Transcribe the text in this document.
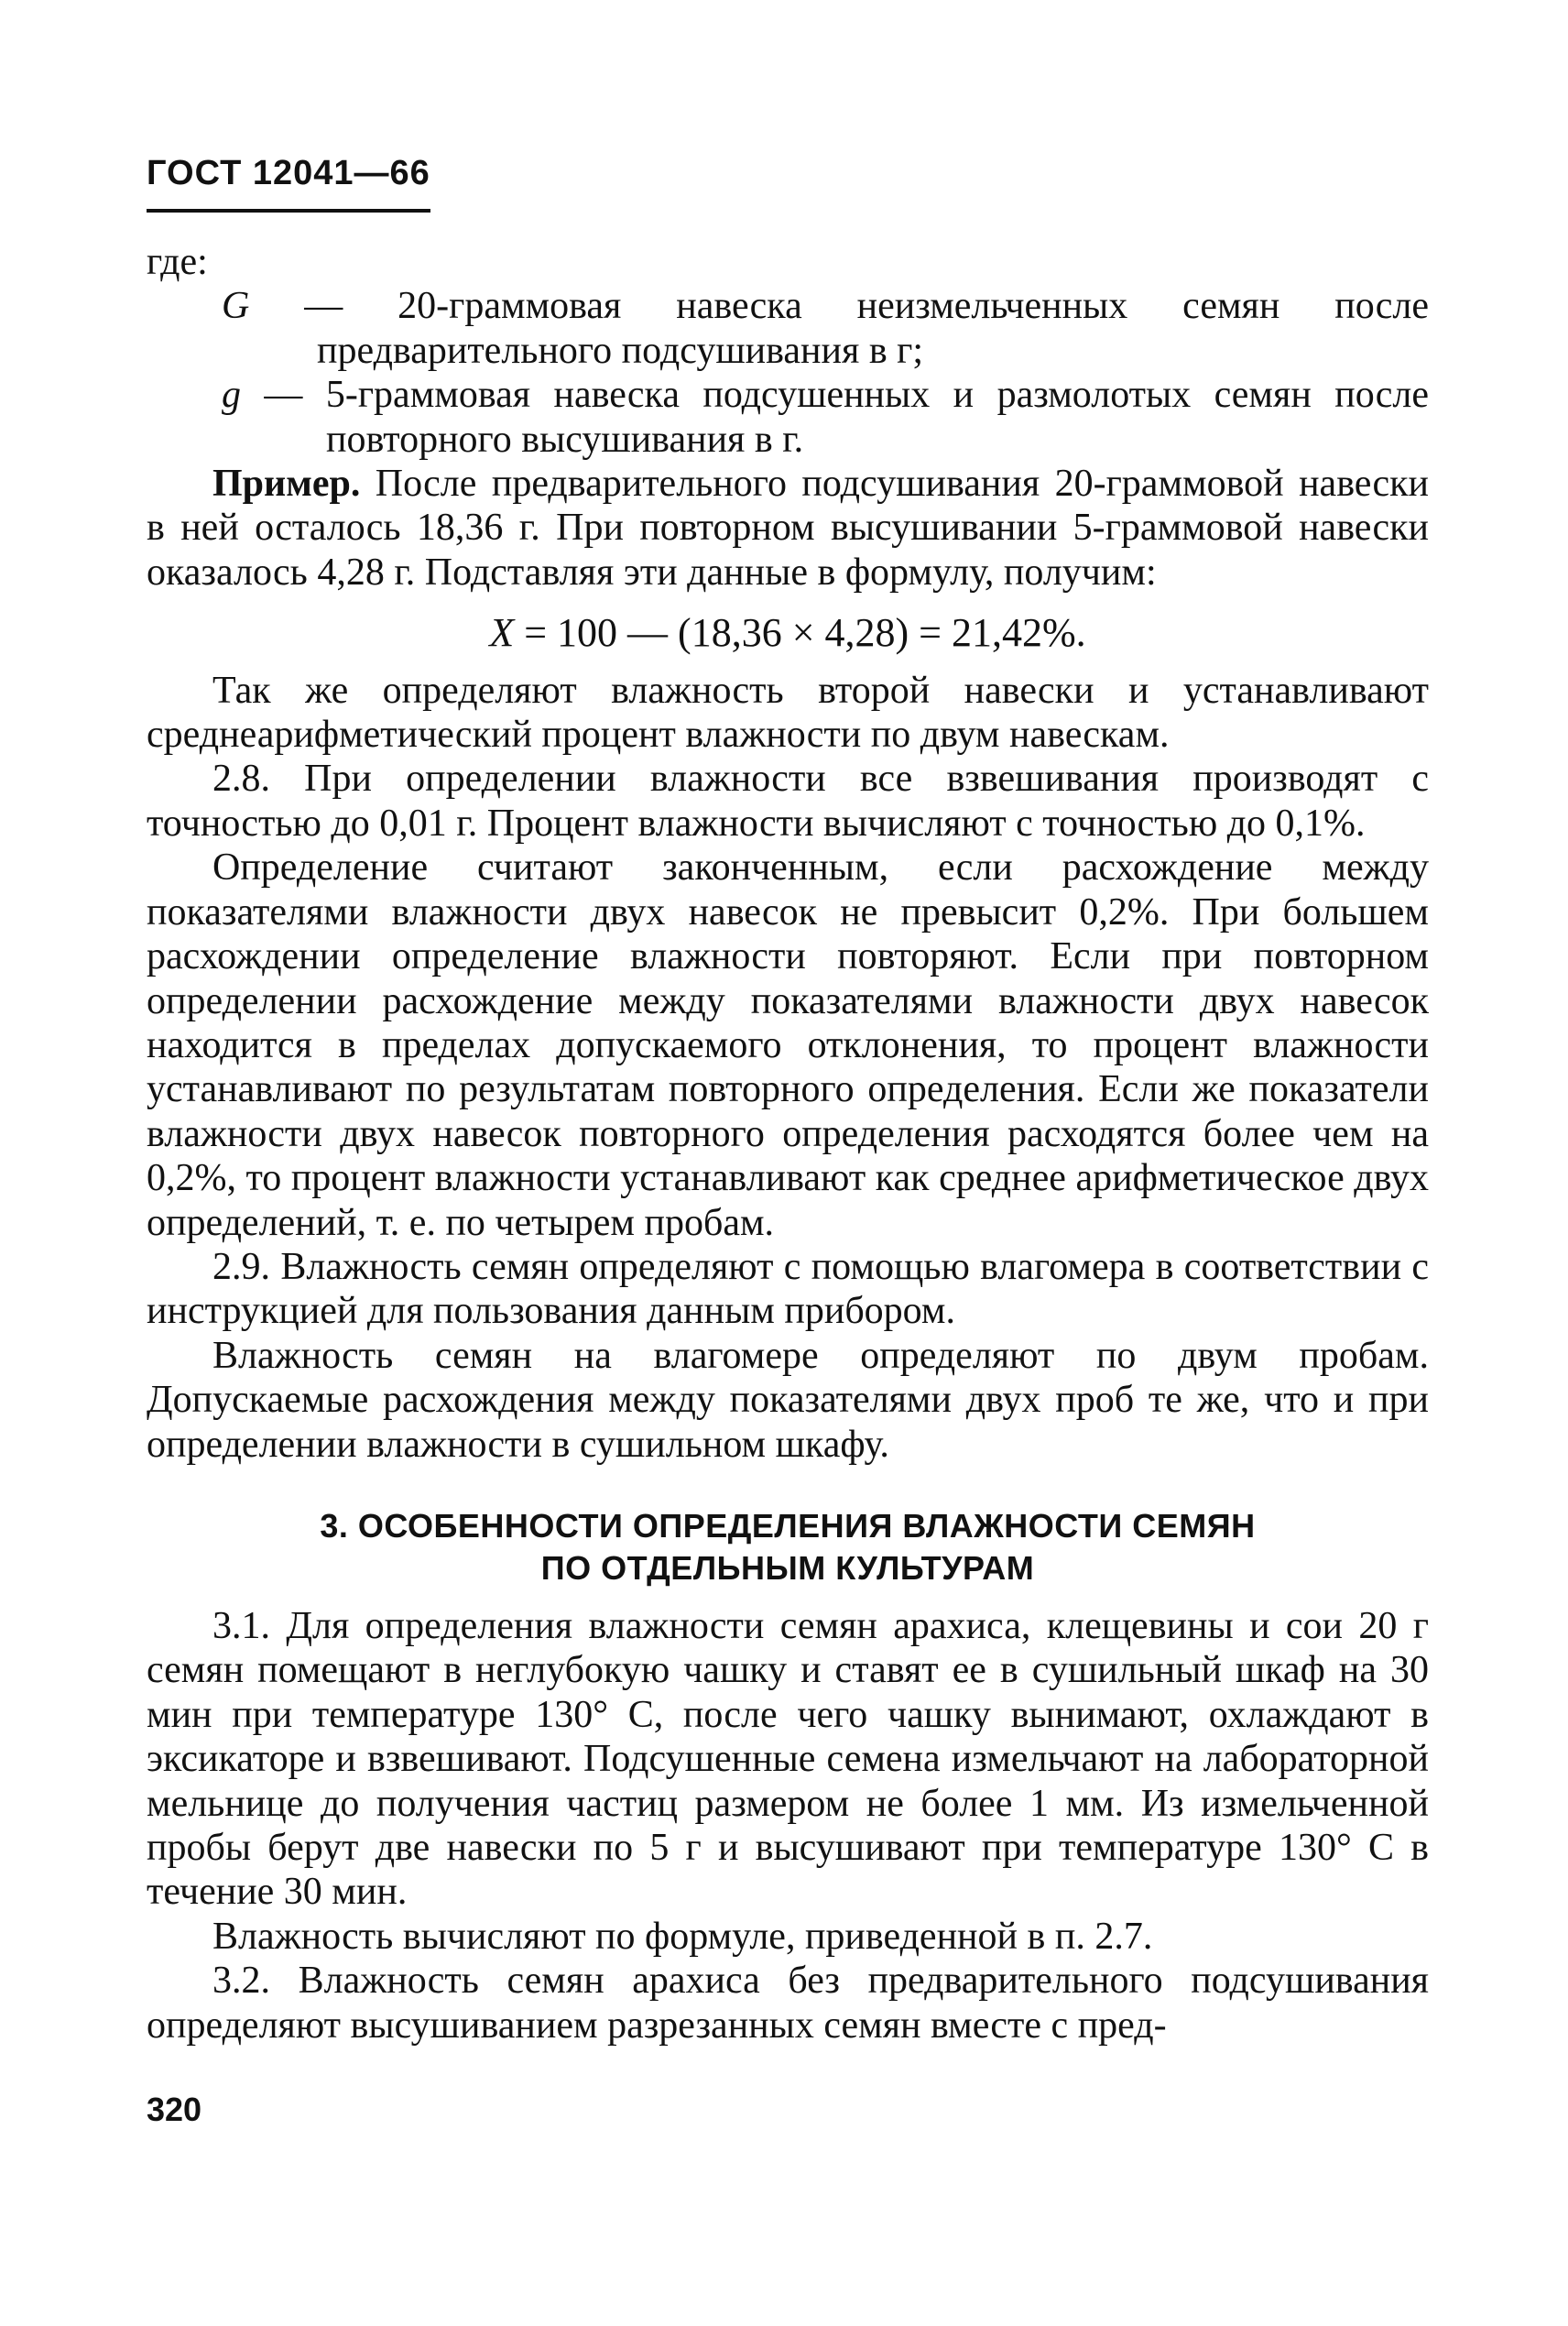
ГОСТ 12041—66

где:

G — 20-граммовая навеска неизмельченных семян после предварительного подсушивания в г;

g — 5-граммовая навеска подсушенных и размолотых семян после повторного высушивания в г.

Пример. После предварительного подсушивания 20-граммовой навески в ней осталось 18,36 г. При повторном высушивании 5-граммовой навески оказалось 4,28 г. Подставляя эти данные в формулу, получим:

X = 100 — (18,36 × 4,28) = 21,42%.

Так же определяют влажность второй навески и устанавливают среднеарифметический процент влажности по двум навескам.

2.8. При определении влажности все взвешивания производят с точностью до 0,01 г. Процент влажности вычисляют с точностью до 0,1%.

Определение считают законченным, если расхождение между показателями влажности двух навесок не превысит 0,2%. При большем расхождении определение влажности повторяют. Если при повторном определении расхождение между показателями влажности двух навесок находится в пределах допускаемого отклонения, то процент влажности устанавливают по результатам повторного определения. Если же показатели влажности двух навесок повторного определения расходятся более чем на 0,2%, то процент влажности устанавливают как среднее арифметическое двух определений, т. е. по четырем пробам.

2.9. Влажность семян определяют с помощью влагомера в соответствии с инструкцией для пользования данным прибором.

Влажность семян на влагомере определяют по двум пробам. Допускаемые расхождения между показателями двух проб те же, что и при определении влажности в сушильном шкафу.

3. ОСОБЕННОСТИ ОПРЕДЕЛЕНИЯ ВЛАЖНОСТИ СЕМЯН
ПО ОТДЕЛЬНЫМ КУЛЬТУРАМ

3.1. Для определения влажности семян арахиса, клещевины и сои 20 г семян помещают в неглубокую чашку и ставят ее в сушильный шкаф на 30 мин при температуре 130° С, после чего чашку вынимают, охлаждают в эксикаторе и взвешивают. Подсушенные семена измельчают на лабораторной мельнице до получения частиц размером не более 1 мм. Из измельченной пробы берут две навески по 5 г и высушивают при температуре 130° С в течение 30 мин.

Влажность вычисляют по формуле, приведенной в п. 2.7.

3.2. Влажность семян арахиса без предварительного подсушивания определяют высушиванием разрезанных семян вместе с пред-

320
